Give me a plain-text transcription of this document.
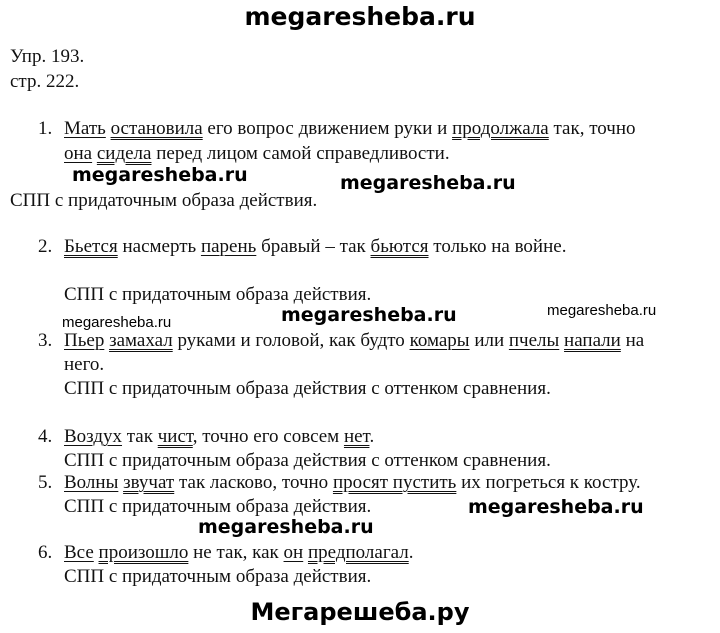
megaresheba.ru
Упр. 193.
стр. 222.
1. Мать остановила его вопрос движением руки и продолжала так, точно
она сидела перед лицом самой справедливости.
СПП с придаточным образа действия.
2. Бьется насмерть парень бравый – так бьются только на войне.
СПП с придаточным образа действия.
3. Пьер замахал руками и головой, как будто комары или пчелы напали на
него.
СПП с придаточным образа действия с оттенком сравнения.
4. Воздух так чист, точно его совсем нет.
СПП с придаточным образа действия с оттенком сравнения.
5. Волны звучат так ласково, точно просят пустить их погреться к костру.
СПП с придаточным образа действия.
6. Все произошло не так, как он предполагал.
СПП с придаточным образа действия.
megaresheba.ru	megaresheba.ru
megaresheba.ru
megaresheba.ru	megaresheba.ru
megaresheba.ru
megaresheba.ru
Мегарешеба.ру
